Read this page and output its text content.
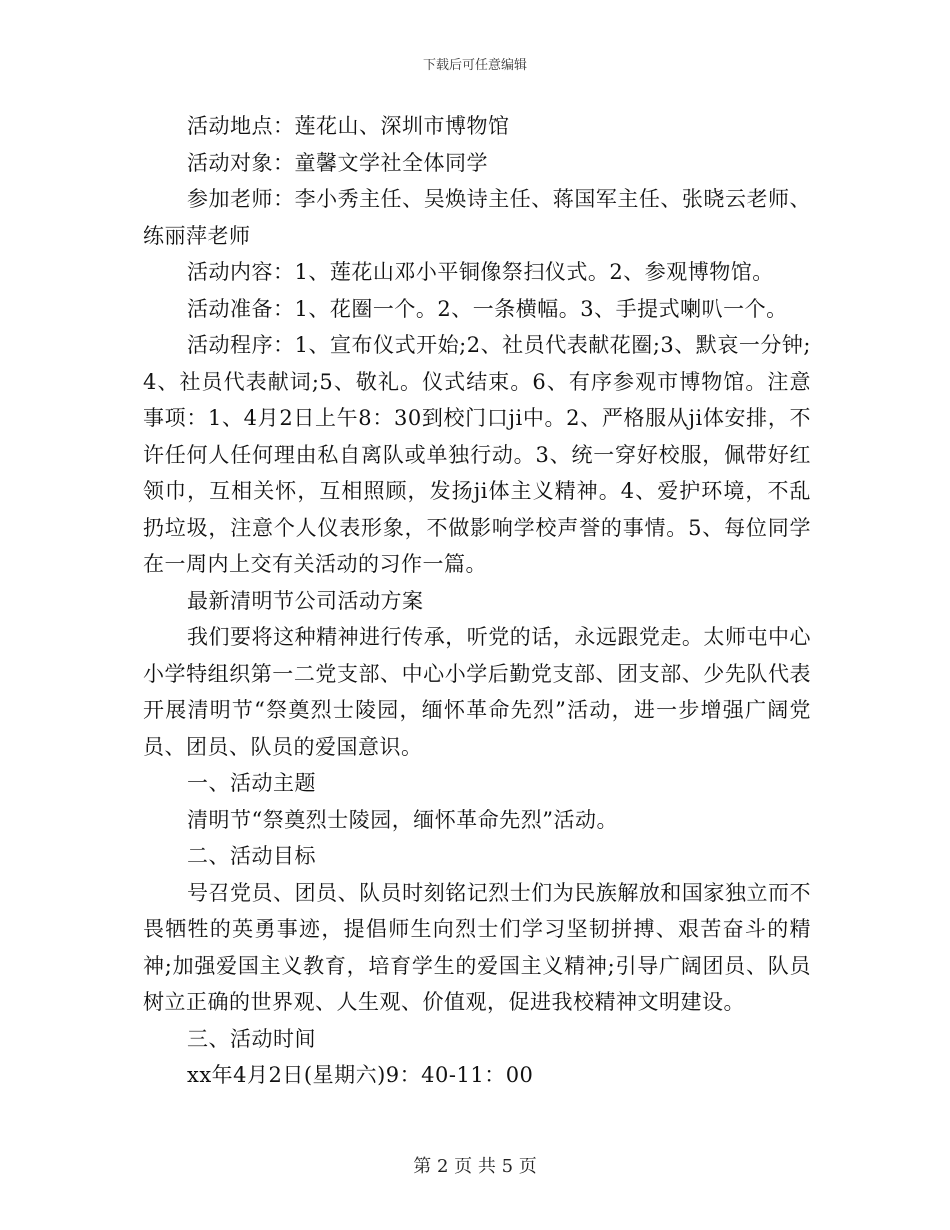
下载后可任意编辑

活动地点：莲花山、深圳市博物馆

活动对象：童馨文学社全体同学

参加老师：李小秀主任、吴焕诗主任、蒋国军主任、张晓云老师、练丽萍老师

活动内容：1、莲花山邓小平铜像祭扫仪式。2、参观博物馆。

活动准备：1、花圈一个。2、一条横幅。3、手提式喇叭一个。

活动程序：1、宣布仪式开始;2、社员代表献花圈;3、默哀一分钟;4、社员代表献词;5、敬礼。仪式结束。6、有序参观市博物馆。注意事项：1、4月2日上午8：30到校门口ji中。2、严格服从ji体安排，不许任何人任何理由私自离队或单独行动。3、统一穿好校服，佩带好红领巾，互相关怀，互相照顾，发扬ji体主义精神。4、爱护环境，不乱扔垃圾，注意个人仪表形象，不做影响学校声誉的事情。5、每位同学在一周内上交有关活动的习作一篇。

最新清明节公司活动方案

我们要将这种精神进行传承，听党的话，永远跟党走。太师屯中心小学特组织第一二党支部、中心小学后勤党支部、团支部、少先队代表开展清明节“祭奠烈士陵园，缅怀革命先烈”活动，进一步增强广阔党员、团员、队员的爱国意识。

一、活动主题

清明节“祭奠烈士陵园，缅怀革命先烈”活动。

二、活动目标

号召党员、团员、队员时刻铭记烈士们为民族解放和国家独立而不畏牺牲的英勇事迹，提倡师生向烈士们学习坚韧拼搏、艰苦奋斗的精神;加强爱国主义教育，培育学生的爱国主义精神;引导广阔团员、队员树立正确的世界观、人生观、价值观，促进我校精神文明建设。

三、活动时间

xx年4月2日(星期六)9：40-11：00

第 2 页 共 5 页
